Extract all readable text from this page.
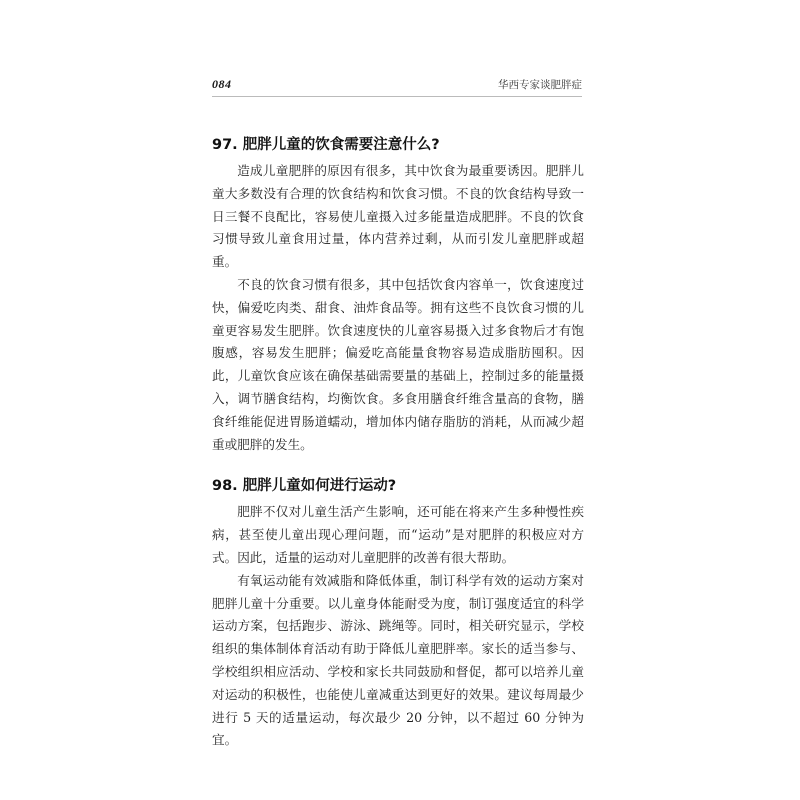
084	华西专家谈肥胖症
97. 肥胖儿童的饮食需要注意什么?

造成儿童肥胖的原因有很多，其中饮食为最重要诱因。肥胖儿童大多数没有合理的饮食结构和饮食习惯。不良的饮食结构导致一日三餐不良配比，容易使儿童摄入过多能量造成肥胖。不良的饮食习惯导致儿童食用过量，体内营养过剩，从而引发儿童肥胖或超重。

不良的饮食习惯有很多，其中包括饮食内容单一，饮食速度过快，偏爱吃肉类、甜食、油炸食品等。拥有这些不良饮食习惯的儿童更容易发生肥胖。饮食速度快的儿童容易摄入过多食物后才有饱腹感，容易发生肥胖；偏爱吃高能量食物容易造成脂肪囤积。因此，儿童饮食应该在确保基础需要量的基础上，控制过多的能量摄入，调节膳食结构，均衡饮食。多食用膳食纤维含量高的食物，膳食纤维能促进胃肠道蠕动，增加体内储存脂肪的消耗，从而减少超重或肥胖的发生。

98. 肥胖儿童如何进行运动?

肥胖不仅对儿童生活产生影响，还可能在将来产生多种慢性疾病，甚至使儿童出现心理问题，而“运动”是对肥胖的积极应对方式。因此，适量的运动对儿童肥胖的改善有很大帮助。

有氧运动能有效减脂和降低体重，制订科学有效的运动方案对肥胖儿童十分重要。以儿童身体能耐受为度，制订强度适宜的科学运动方案，包括跑步、游泳、跳绳等。同时，相关研究显示，学校组织的集体制体育活动有助于降低儿童肥胖率。家长的适当参与、学校组织相应活动、学校和家长共同鼓励和督促，都可以培养儿童对运动的积极性，也能使儿童减重达到更好的效果。建议每周最少进行 5 天的适量运动，每次最少 20 分钟，以不超过 60 分钟为宜。
